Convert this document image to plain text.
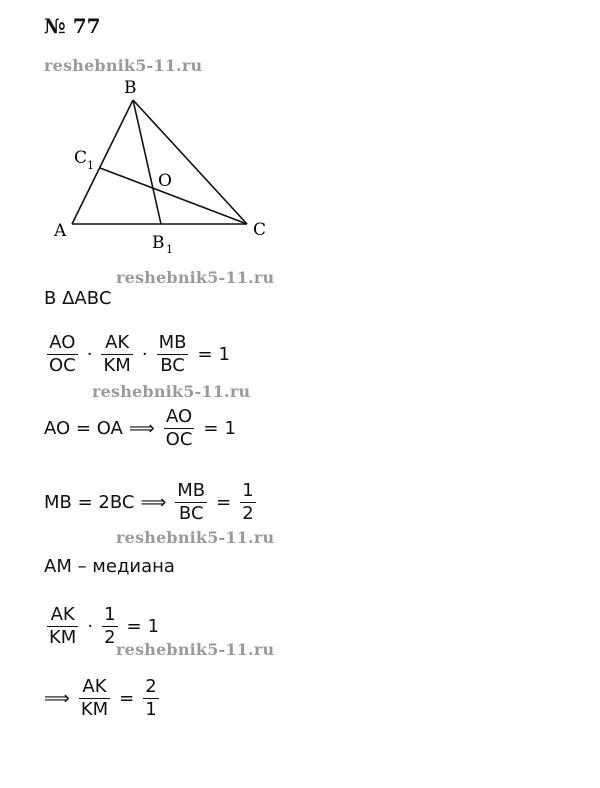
№ 77
reshebnik5-11.ru
A
B
C
C 1
B 1
O
reshebnik5-11.ru
В ΔАВС
$\frac{AO}{OC} \cdot \frac{AK}{KM} \cdot \frac{MB}{BC} = 1$
reshebnik5-11.ru
AO = OA ⟹ $\frac{AO}{OC} = 1$
MB = 2BC ⟹ $\frac{MB}{BC} = \frac{1}{2}$
reshebnik5-11.ru
AM – медиана
$\frac{AK}{KM} \cdot \frac{1}{2} = 1$
reshebnik5-11.ru
⟹ $\frac{AK}{KM} = \frac{2}{1}$
